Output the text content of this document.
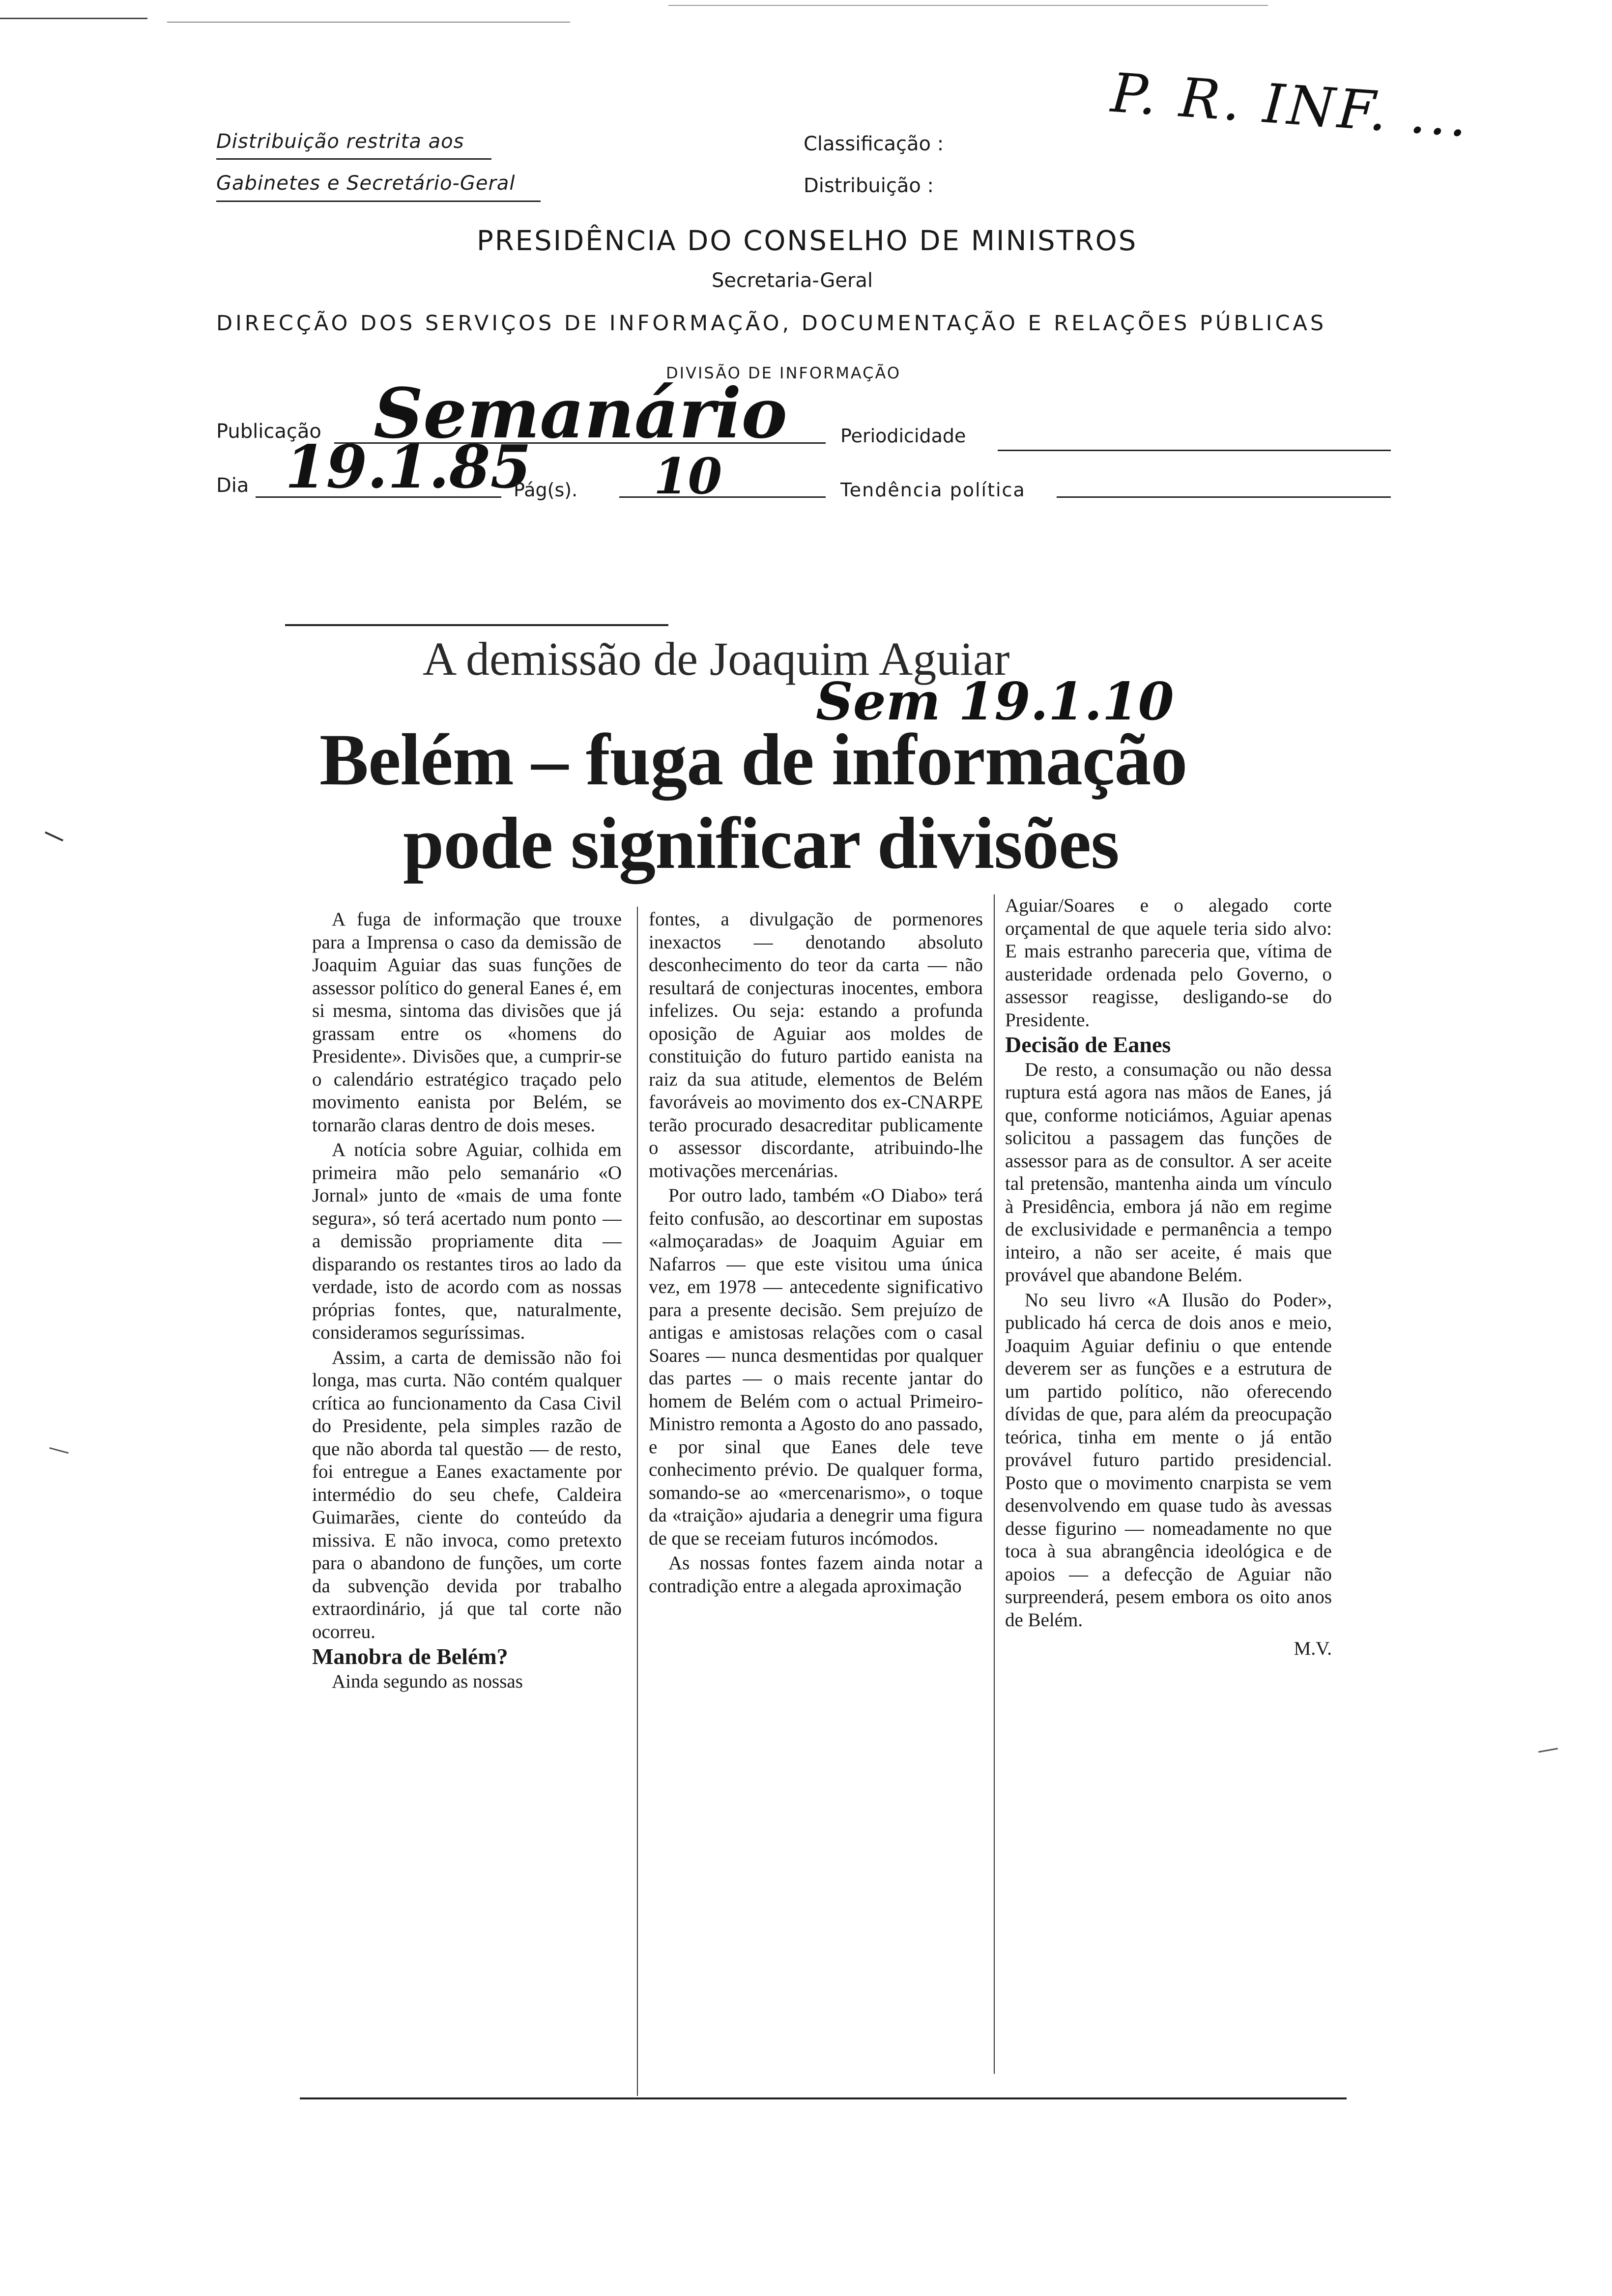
P. R. INF. ...
Distribuição restrita aos
Gabinetes e Secretário-Geral
Classificação :
Distribuição :
PRESIDÊNCIA DO CONSELHO DE MINISTROS
Secretaria-Geral
DIRECÇÃO DOS SERVIÇOS DE INFORMAÇÃO, DOCUMENTAÇÃO E RELAÇÕES PÚBLICAS
DIVISÃO DE INFORMAÇÃO
Publicação Semanário	Periodicidade
Dia 19.1.85
Pág(s). 10	Tendência política
A demissão de Joaquim Aguiar
Sem 19.1.10
Belém – fuga de informação
pode significar divisões

A fuga de informação que trouxe para a Imprensa o caso da demissão de Joaquim Aguiar das suas funções de assessor político do general Eanes é, em si mesma, sintoma das divisões que já grassam entre os «homens do Presidente». Divisões que, a cumprir-se o calendário estratégico traçado pelo movimento eanista por Belém, se tornarão claras dentro de dois meses.

A notícia sobre Aguiar, colhida em primeira mão pelo semanário «O Jornal» junto de «mais de uma fonte segura», só terá acertado num ponto — a demissão propriamente dita — disparando os restantes tiros ao lado da verdade, isto de acordo com as nossas próprias fontes, que, naturalmente, consideramos seguríssimas.

Assim, a carta de demissão não foi longa, mas curta. Não contém qualquer crítica ao funcionamento da Casa Civil do Presidente, pela simples razão de que não aborda tal questão — de resto, foi entregue a Eanes exactamente por intermédio do seu chefe, Caldeira Guimarães, ciente do conteúdo da missiva. E não invoca, como pretexto para o abandono de funções, um corte da subvenção devida por trabalho extraordinário, já que tal corte não ocorreu.

Manobra de Belém?

Ainda segundo as nossas

fontes, a divulgação de pormenores inexactos — denotando absoluto desconhecimento do teor da carta — não resultará de conjecturas inocentes, embora infelizes. Ou seja: estando a profunda oposição de Aguiar aos moldes de constituição do futuro partido eanista na raiz da sua atitude, elementos de Belém favoráveis ao movimento dos ex-CNARPE terão procurado desacreditar publicamente o assessor discordante, atribuindo-lhe motivações mercenárias.

Por outro lado, também «O Diabo» terá feito confusão, ao descortinar em supostas «almoçaradas» de Joaquim Aguiar em Nafarros — que este visitou uma única vez, em 1978 — antecedente significativo para a presente decisão. Sem prejuízo de antigas e amistosas relações com o casal Soares — nunca desmentidas por qualquer das partes — o mais recente jantar do homem de Belém com o actual Primeiro-Ministro remonta a Agosto do ano passado, e por sinal que Eanes dele teve conhecimento prévio. De qualquer forma, somando-se ao «mercenarismo», o toque da «traição» ajudaria a denegrir uma figura de que se receiam futuros incómodos.

As nossas fontes fazem ainda notar a contradição entre a alegada aproximação

Aguiar/Soares e o alegado corte orçamental de que aquele teria sido alvo: E mais estranho pareceria que, vítima de austeridade ordenada pelo Governo, o assessor reagisse, desligando-se do Presidente.

Decisão de Eanes

De resto, a consumação ou não dessa ruptura está agora nas mãos de Eanes, já que, conforme noticiámos, Aguiar apenas solicitou a passagem das funções de assessor para as de consultor. A ser aceite tal pretensão, mantenha ainda um vínculo à Presidência, embora já não em regime de exclusividade e permanência a tempo inteiro, a não ser aceite, é mais que provável que abandone Belém.

No seu livro «A Ilusão do Poder», publicado há cerca de dois anos e meio, Joaquim Aguiar definiu o que entende deverem ser as funções e a estrutura de um partido político, não oferecendo dívidas de que, para além da preocupação teórica, tinha em mente o já então provável futuro partido presidencial. Posto que o movimento cnarpista se vem desenvolvendo em quase tudo às avessas desse figurino — nomeadamente no que toca à sua abrangência ideológica e de apoios — a defecção de Aguiar não surpreenderá, pesem embora os oito anos de Belém.

M.V.
